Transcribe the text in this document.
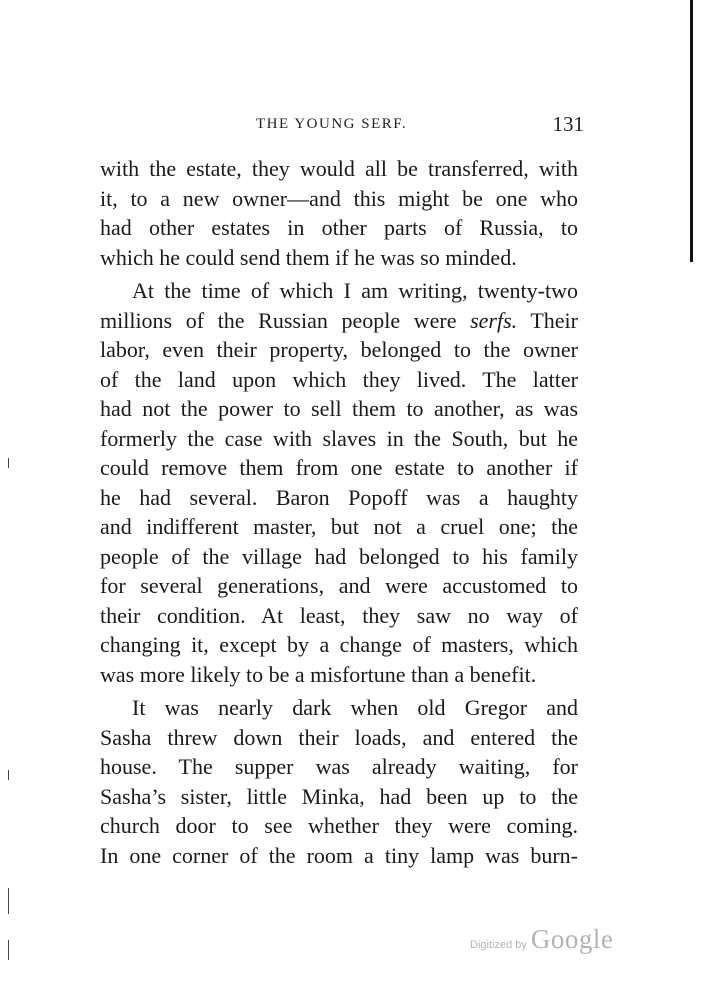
THE YOUNG SERF.	131
with the estate, they would all be transferred, with
it, to a new owner—and this might be one who
had other estates in other parts of Russia, to
which he could send them if he was so minded.
At the time of which I am writing, twenty-two
millions of the Russian people were serfs. Their
labor, even their property, belonged to the owner
of the land upon which they lived. The latter
had not the power to sell them to another, as was
formerly the case with slaves in the South, but he
could remove them from one estate to another if
he had several. Baron Popoff was a haughty
and indifferent master, but not a cruel one; the
people of the village had belonged to his family
for several generations, and were accustomed to
their condition. At least, they saw no way of
changing it, except by a change of masters, which
was more likely to be a misfortune than a benefit.
It was nearly dark when old Gregor and
Sasha threw down their loads, and entered the
house. The supper was already waiting, for
Sasha’s sister, little Minka, had been up to the
church door to see whether they were coming.
In one corner of the room a tiny lamp was burn-
Digitized by Google
